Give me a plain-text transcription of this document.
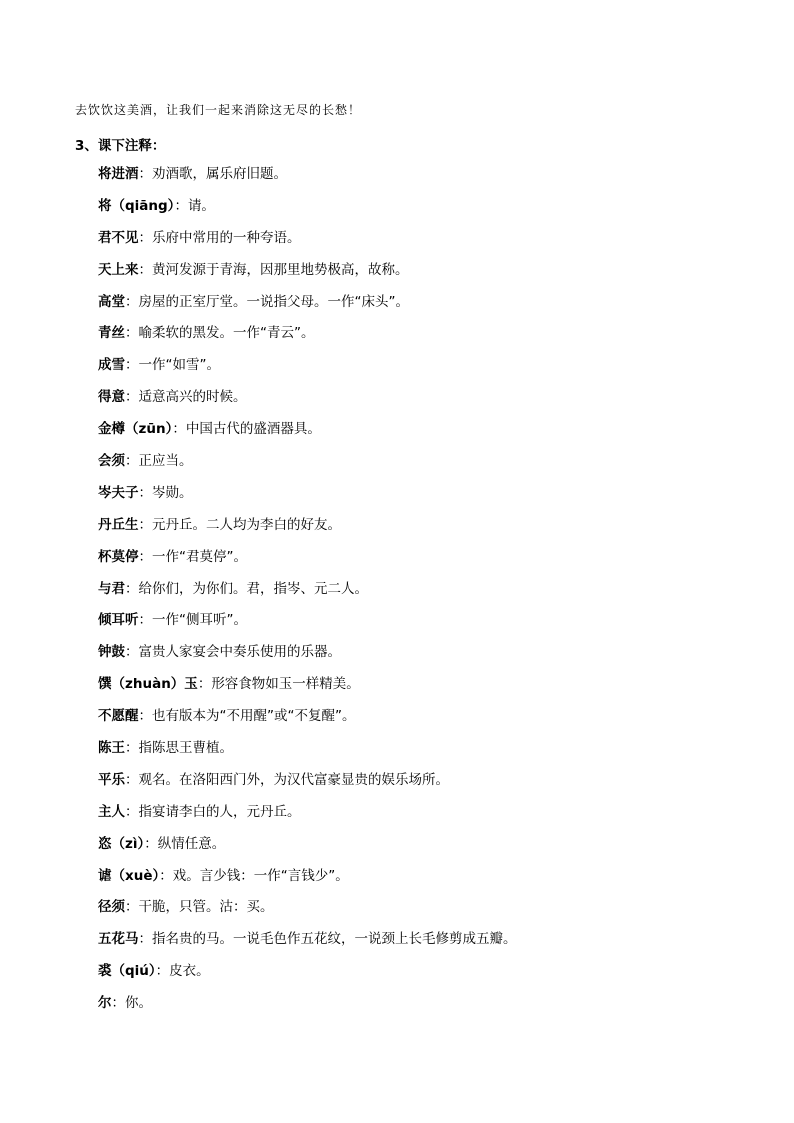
去饮饮这美酒，让我们一起来消除这无尽的长愁！
3、课下注释：
将进酒：劝酒歌，属乐府旧题。
将（qiāng）：请。
君不见：乐府中常用的一种夸语。
天上来：黄河发源于青海，因那里地势极高，故称。
高堂：房屋的正室厅堂。一说指父母。一作“床头”。
青丝：喻柔软的黑发。一作“青云”。
成雪：一作“如雪”。
得意：适意高兴的时候。
金樽（zūn）：中国古代的盛酒器具。
会须：正应当。
岑夫子：岑勋。
丹丘生：元丹丘。二人均为李白的好友。
杯莫停：一作“君莫停”。
与君：给你们，为你们。君，指岑、元二人。
倾耳听：一作“侧耳听”。
钟鼓：富贵人家宴会中奏乐使用的乐器。
馔（zhuàn）玉：形容食物如玉一样精美。
不愿醒：也有版本为“不用醒”或“不复醒”。
陈王：指陈思王曹植。
平乐：观名。在洛阳西门外，为汉代富豪显贵的娱乐场所。
主人：指宴请李白的人，元丹丘。
恣（zì）：纵情任意。
谑（xuè）：戏。言少钱：一作“言钱少”。
径须：干脆，只管。沽：买。
五花马：指名贵的马。一说毛色作五花纹，一说颈上长毛修剪成五瓣。
裘（qiú）：皮衣。
尔：你。
